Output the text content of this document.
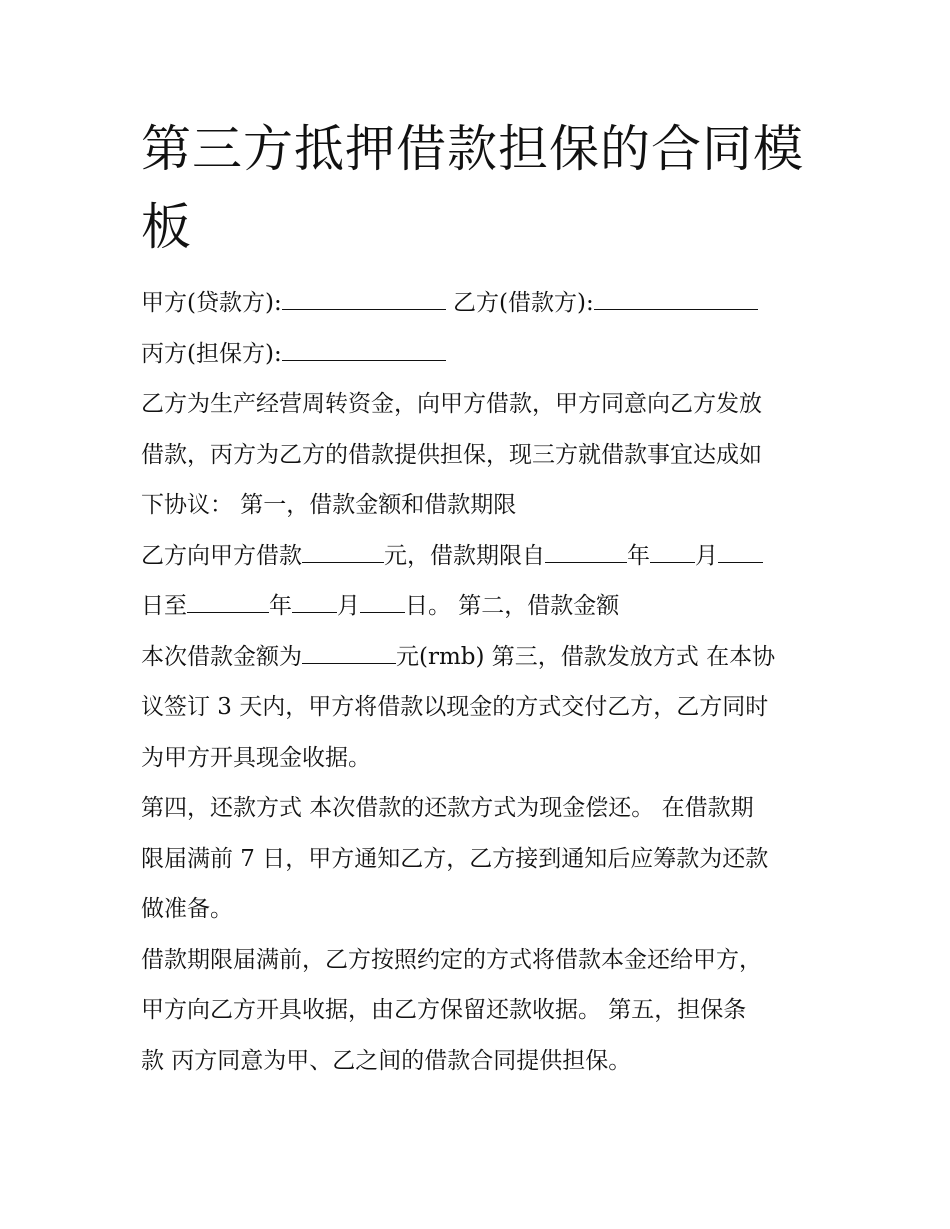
第三方抵押借款担保的合同模板
甲方(贷款方):	乙方(借款方):
丙方(担保方):
乙方为生产经营周转资金，向甲方借款，甲方同意向乙方发放
借款，丙方为乙方的借款提供担保，现三方就借款事宜达成如
下协议： 第一，借款金额和借款期限
乙方向甲方借款	元，借款期限自	年 月
日至	年 月 日。 第二，借款金额
本次借款金额为	元(rmb) 第三，借款发放方式 在本协
议签订 3 天内，甲方将借款以现金的方式交付乙方，乙方同时
为甲方开具现金收据。
第四，还款方式 本次借款的还款方式为现金偿还。 在借款期
限届满前 7 日，甲方通知乙方，乙方接到通知后应筹款为还款
做准备。
借款期限届满前，乙方按照约定的方式将借款本金还给甲方，
甲方向乙方开具收据，由乙方保留还款收据。 第五，担保条
款 丙方同意为甲、乙之间的借款合同提供担保。
